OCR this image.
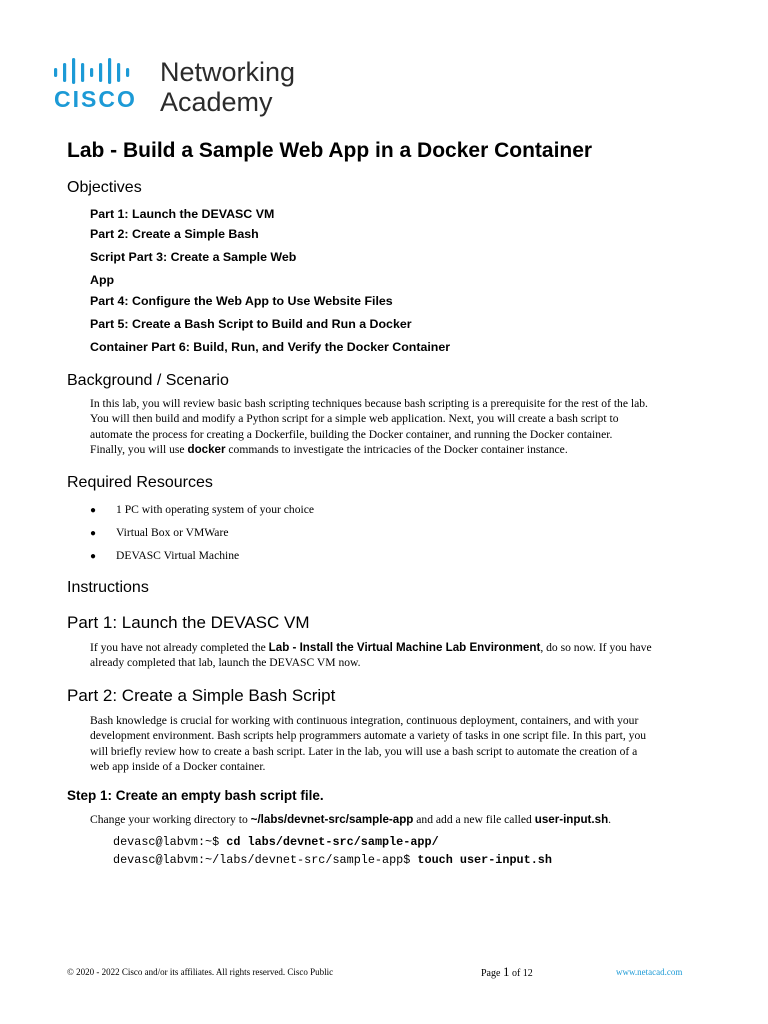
CISCO
Networking
Academy
Lab - Build a Sample Web App in a Docker Container
Objectives
Part 1: Launch the DEVASC VM
Part 2: Create a Simple Bash
Script Part 3: Create a Sample Web
App
Part 4: Configure the Web App to Use Website Files
Part 5: Create a Bash Script to Build and Run a Docker
Container Part 6: Build, Run, and Verify the Docker Container
Background / Scenario

In this lab, you will review basic bash scripting techniques because bash scripting is a prerequisite for the rest of the lab.

You will then build and modify a Python script for a simple web application. Next, you will create a bash script to

automate the process for creating a Dockerfile, building the Docker container, and running the Docker container.

Finally, you will use docker commands to investigate the intricacies of the Docker container instance.

Required Resources
● 1 PC with operating system of your choice
● Virtual Box or VMWare
● DEVASC Virtual Machine
Instructions
Part 1: Launch the DEVASC VM

If you have not already completed the Lab - Install the Virtual Machine Lab Environment, do so now. If you have

already completed that lab, launch the DEVASC VM now.

Part 2: Create a Simple Bash Script

Bash knowledge is crucial for working with continuous integration, continuous deployment, containers, and with your

development environment. Bash scripts help programmers automate a variety of tasks in one script file. In this part, you

will briefly review how to create a bash script. Later in the lab, you will use a bash script to automate the creation of a

web app inside of a Docker container.

Step 1: Create an empty bash script file.

Change your working directory to ~/labs/devnet-src/sample-app and add a new file called user-input.sh.

devasc@labvm:~$ cd labs/devnet-src/sample-app/
devasc@labvm:~/labs/devnet-src/sample-app$ touch user-input.sh
© 2020 - 2022 Cisco and/or its affiliates. All rights reserved. Cisco Public	Page 1 of 12	www.netacad.com
